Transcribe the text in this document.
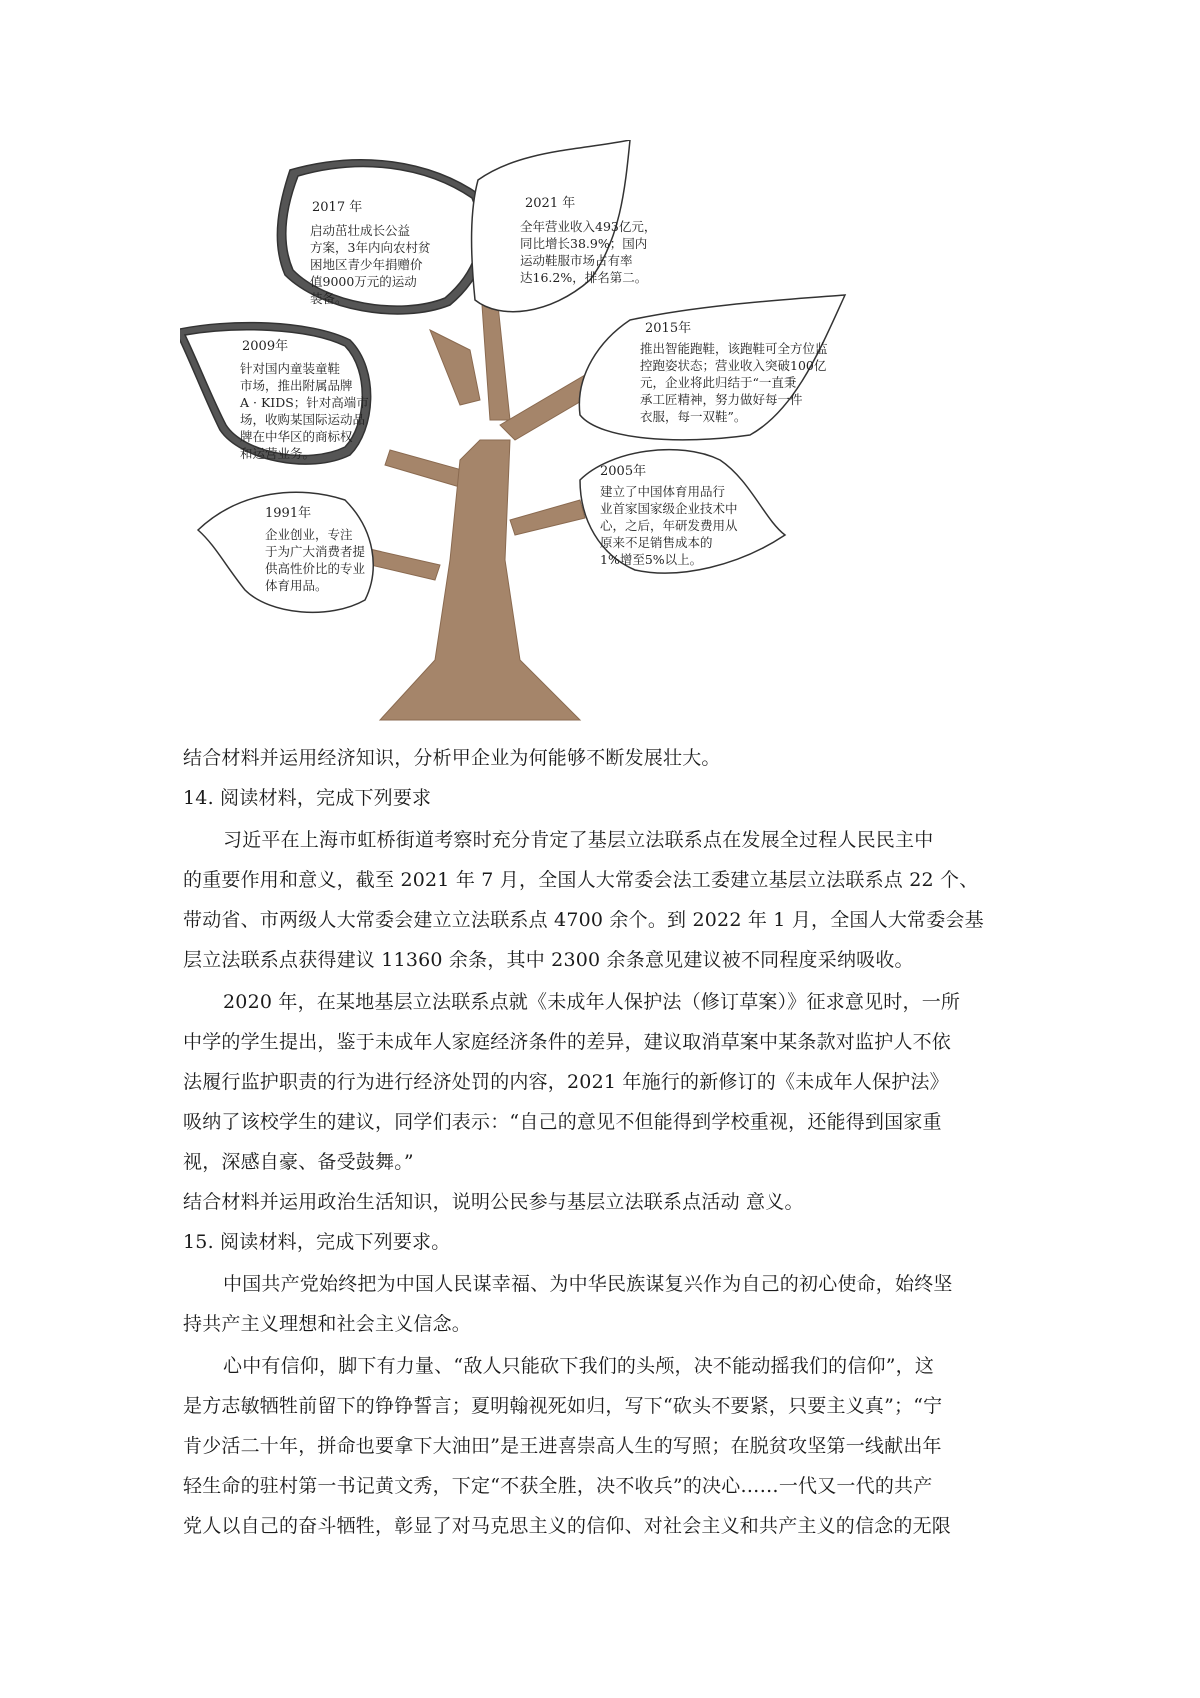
2017 年
启动茁壮成长公益
方案，3年内向农村贫
困地区青少年捐赠价
值9000万元的运动
装备。
2021 年
全年营业收入493亿元，
同比增长38.9%；国内
运动鞋服市场占有率
达16.2%，排名第二。
2009年
针对国内童装童鞋
市场，推出附属品牌
A · KIDS；针对高端市
场，收购某国际运动品
牌在中华区的商标权
和运营业务。
2015年
推出智能跑鞋，该跑鞋可全方位监
控跑姿状态；营业收入突破100亿
元，企业将此归结于“一直秉
承工匠精神，努力做好每一件
衣服，每一双鞋”。
2005年
建立了中国体育用品行
业首家国家级企业技术中
心，之后，年研发费用从
原来不足销售成本的
1%增至5%以上。
1991年
企业创业，专注
于为广大消费者提
供高性价比的专业
体育用品。
结合材料并运用经济知识，分析甲企业为何能够不断发展壮大。
14. 阅读材料，完成下列要求
习近平在上海市虹桥街道考察时充分肯定了基层立法联系点在发展全过程人民民主中
的重要作用和意义，截至 2021 年 7 月，全国人大常委会法工委建立基层立法联系点 22 个、
带动省、市两级人大常委会建立立法联系点 4700 余个。到 2022 年 1 月，全国人大常委会基
层立法联系点获得建议 11360 余条，其中 2300 余条意见建议被不同程度采纳吸收。
2020 年，在某地基层立法联系点就《未成年人保护法（修订草案）》征求意见时，一所
中学的学生提出，鉴于未成年人家庭经济条件的差异，建议取消草案中某条款对监护人不依
法履行监护职责的行为进行经济处罚的内容，2021 年施行的新修订的《未成年人保护法》
吸纳了该校学生的建议，同学们表示：“自己的意见不但能得到学校重视，还能得到国家重
视，深感自豪、备受鼓舞。”
结合材料并运用政治生活知识，说明公民参与基层立法联系点活动 意义。
15. 阅读材料，完成下列要求。
中国共产党始终把为中国人民谋幸福、为中华民族谋复兴作为自己的初心使命，始终坚
持共产主义理想和社会主义信念。
心中有信仰，脚下有力量、“敌人只能砍下我们的头颅，决不能动摇我们的信仰”，这
是方志敏牺牲前留下的铮铮誓言；夏明翰视死如归，写下“砍头不要紧，只要主义真”；“宁
肯少活二十年，拼命也要拿下大油田”是王进喜崇高人生的写照；在脱贫攻坚第一线献出年
轻生命的驻村第一书记黄文秀，下定“不获全胜，决不收兵”的决心……一代又一代的共产
党人以自己的奋斗牺牲，彰显了对马克思主义的信仰、对社会主义和共产主义的信念的无限
